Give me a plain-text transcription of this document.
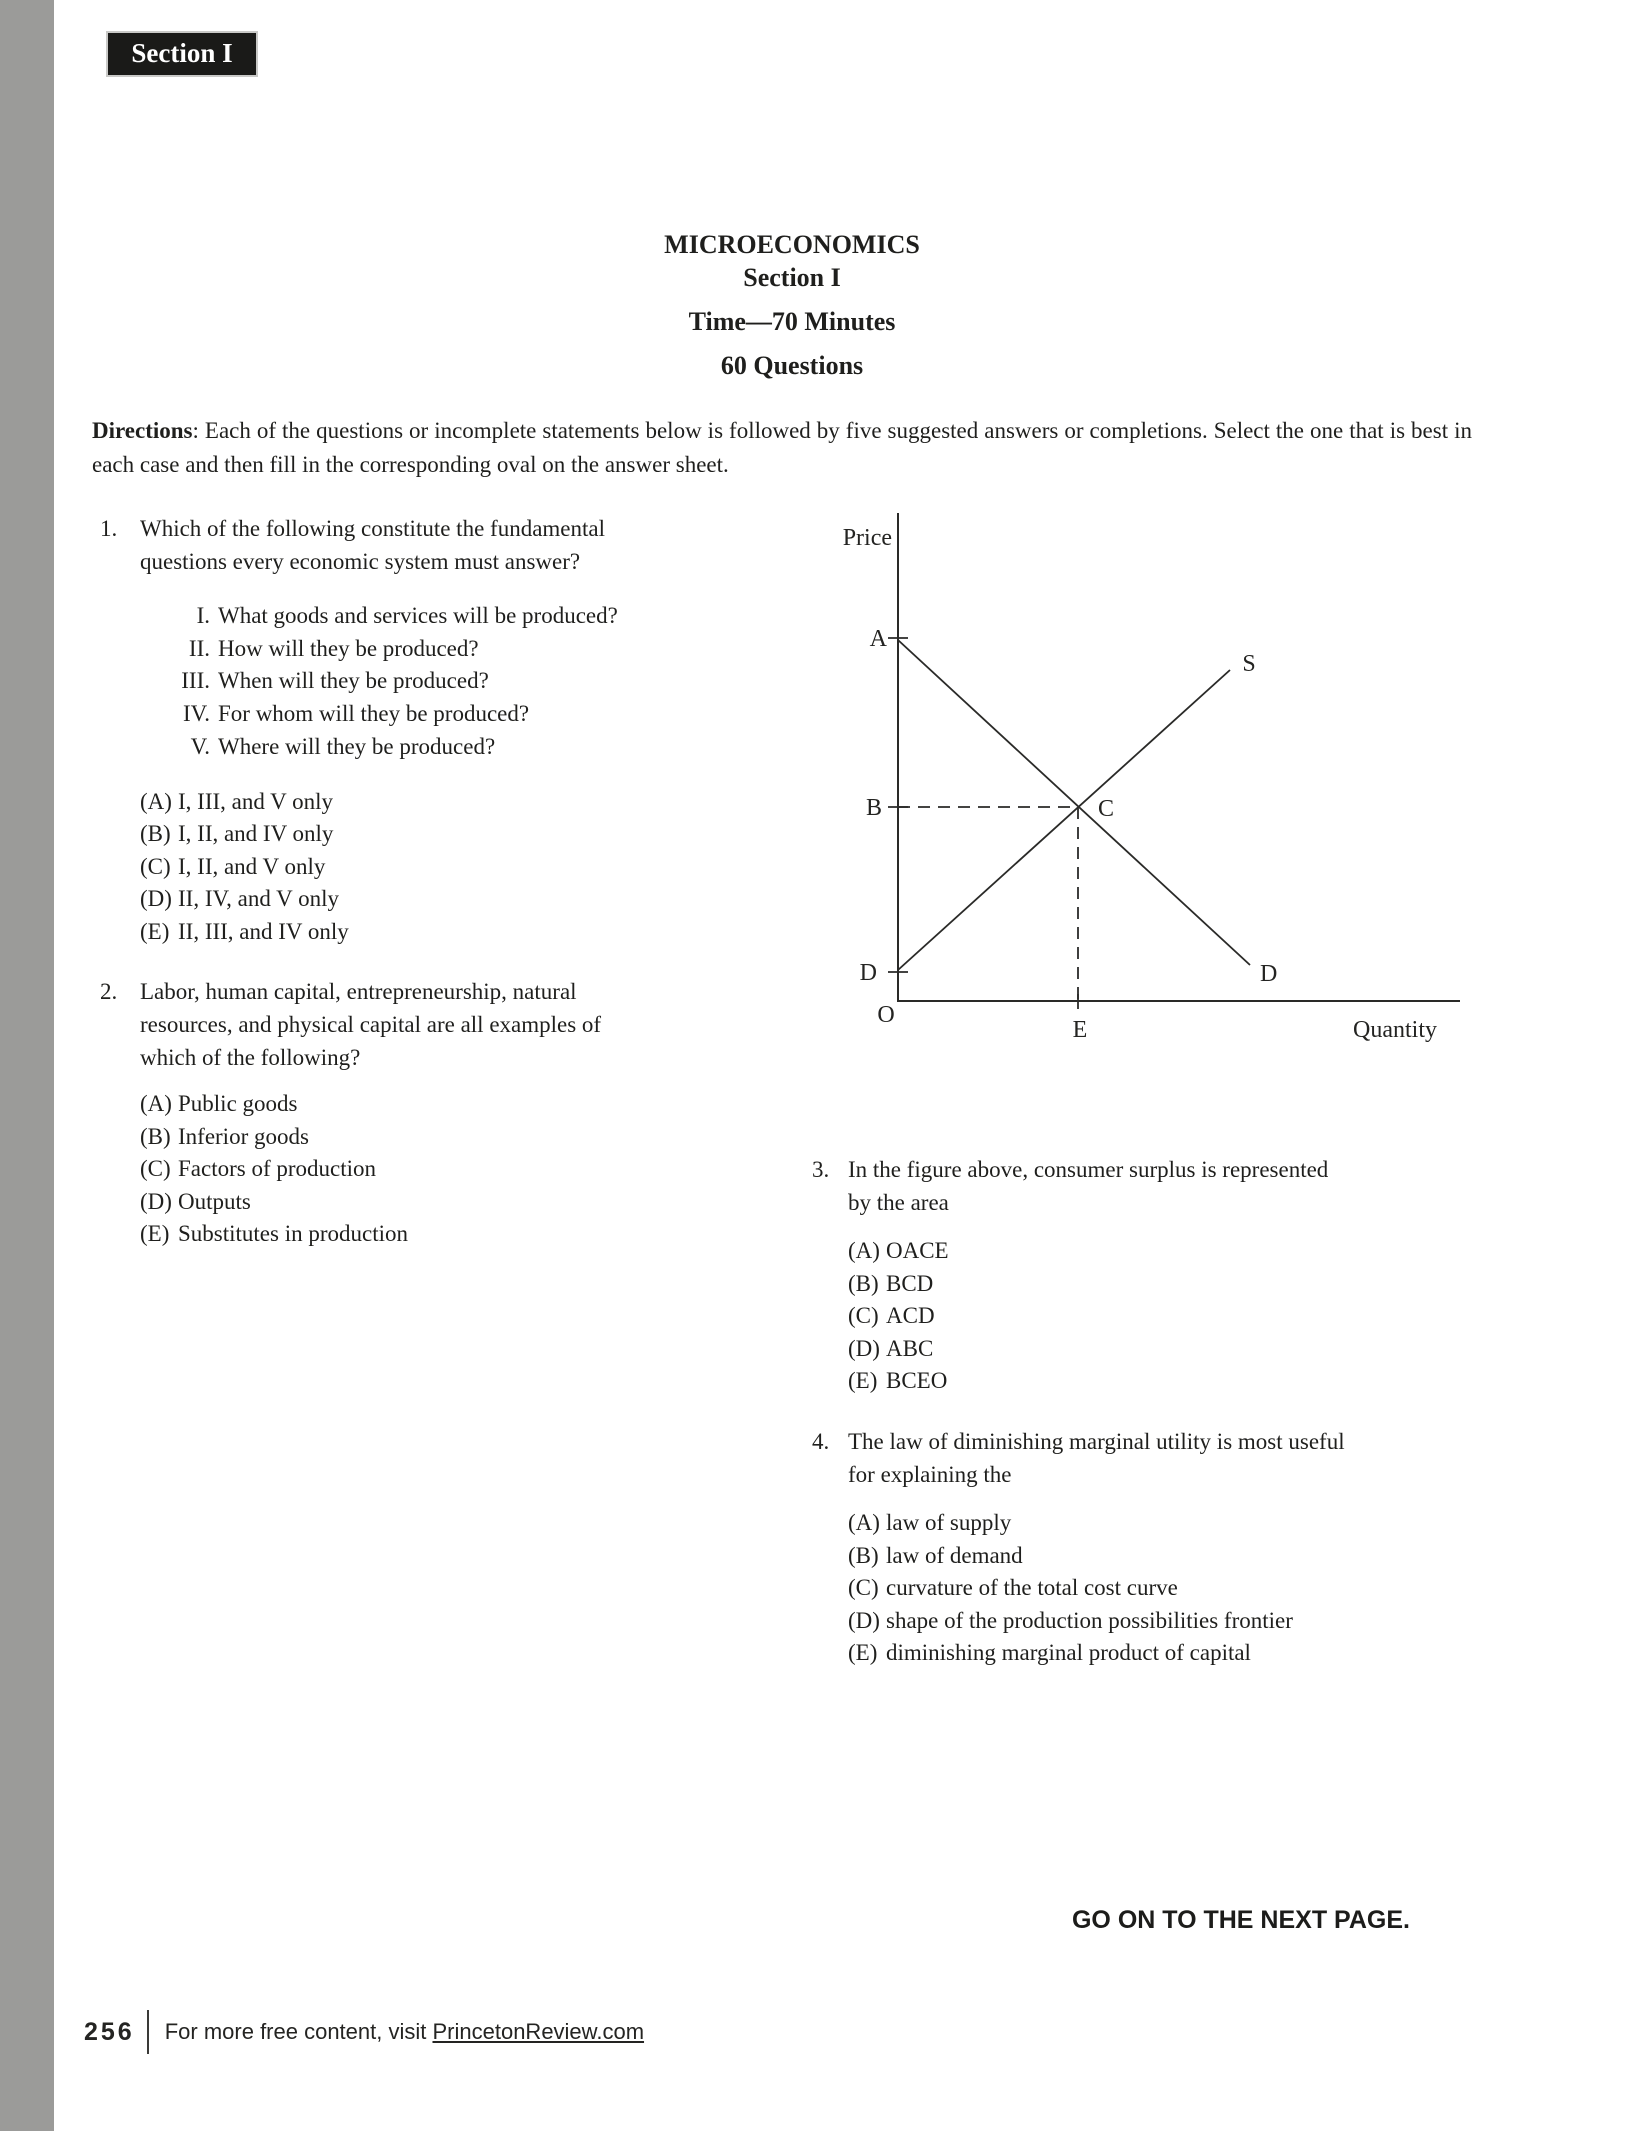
Section I
MICROECONOMICS
Section I
Time—70 Minutes
60 Questions
Directions: Each of the questions or incomplete statements below is followed by five suggested answers or completions. Select the one that is best in each case and then fill in the corresponding oval on the answer sheet.
1. Which of the following constitute the fundamental questions every economic system must answer?
I. What goods and services will be produced?
II. How will they be produced?
III. When will they be produced?
IV. For whom will they be produced?
V. Where will they be produced?
(A) I, III, and V only
(B) I, II, and IV only
(C) I, II, and V only
(D) II, IV, and V only
(E) II, III, and IV only
2. Labor, human capital, entrepreneurship, natural resources, and physical capital are all examples of which of the following?
(A) Public goods
(B) Inferior goods
(C) Factors of production
(D) Outputs
(E) Substitutes in production
Price
Quantity
A
B
D
O
E
C
S
D
3. In the figure above, consumer surplus is represented by the area
(A) OACE
(B) BCD
(C) ACD
(D) ABC
(E) BCEO
4. The law of diminishing marginal utility is most useful for explaining the
(A) law of supply
(B) law of demand
(C) curvature of the total cost curve
(D) shape of the production possibilities frontier
(E) diminishing marginal product of capital
GO ON TO THE NEXT PAGE.
256 For more free content, visit PrincetonReview.com
